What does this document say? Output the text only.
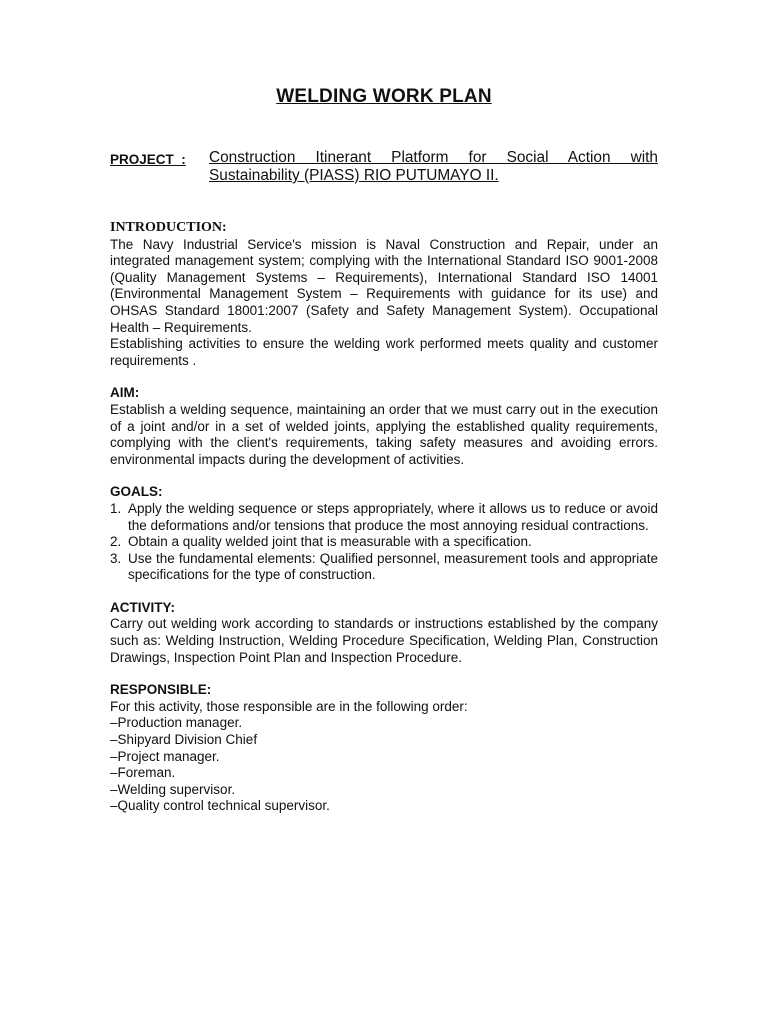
WELDING WORK PLAN
PROJECT  : Construction Itinerant Platform for Social Action with Sustainability (PIASS) RIO PUTUMAYO II.
INTRODUCTION:

The Navy Industrial Service's mission is Naval Construction and Repair, under an integrated management system; complying with the International Standard ISO 9001-2008 (Quality Management Systems – Requirements), International Standard ISO 14001 (Environmental Management System – Requirements with guidance for its use) and OHSAS Standard 18001:2007 (Safety and Safety Management System). Occupational Health – Requirements.

Establishing activities to ensure the welding work performed meets quality and customer requirements .

AIM:

Establish a welding sequence, maintaining an order that we must carry out in the execution of a joint and/or in a set of welded joints, applying the established quality requirements, complying with the client's requirements, taking safety measures and avoiding errors. environmental impacts during the development of activities.

GOALS:
1. Apply the welding sequence or steps appropriately, where it allows us to reduce or avoid the deformations and/or tensions that produce the most annoying residual contractions.
2. Obtain a quality welded joint that is measurable with a specification.
3. Use the fundamental elements: Qualified personnel, measurement tools and appropriate specifications for the type of construction.
ACTIVITY:

Carry out welding work according to standards or instructions established by the company such as: Welding Instruction, Welding Procedure Specification, Welding Plan, Construction Drawings, Inspection Point Plan and Inspection Procedure.

RESPONSIBLE:
For this activity, those responsible are in the following order:
–Production manager.
–Shipyard Division Chief
–Project manager.
–Foreman.
–Welding supervisor.
–Quality control technical supervisor.
